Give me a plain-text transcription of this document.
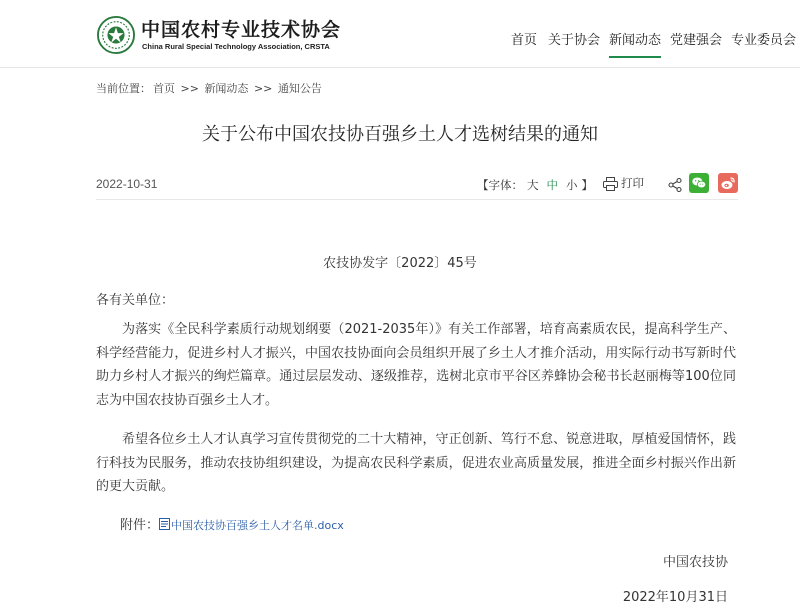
中国农村专业技术协会
China Rural Special Technology Association, CRSTA	首页 关于协会 新闻动态 党建强会 专业委员会
当前位置： 首页 >> 新闻动态 >> 通知公告
关于公布中国农技协百强乡土人才选树结果的通知
2022-10-31	【字体： 大 中 小 】	打印
农技协发字〔2022〕45号
各有关单位：

为落实《全民科学素质行动规划纲要（2021-2035年）》有关工作部署，培育高素质农民，提高科学生产、科学经营能力，促进乡村人才振兴，中国农技协面向会员组织开展了乡土人才推介活动，用实际行动书写新时代助力乡村人才振兴的绚烂篇章。通过层层发动、逐级推荐，选树北京市平谷区养蜂协会秘书长赵丽梅等100位同志为中国农技协百强乡土人才。

希望各位乡土人才认真学习宣传贯彻党的二十大精神，守正创新、笃行不怠、锐意进取，厚植爱国情怀，践行科技为民服务，推动农技协组织建设，为提高农民科学素质，促进农业高质量发展，推进全面乡村振兴作出新的更大贡献。

附件： 中国农技协百强乡土人才名单.docx
中国农技协
2022年10月31日
